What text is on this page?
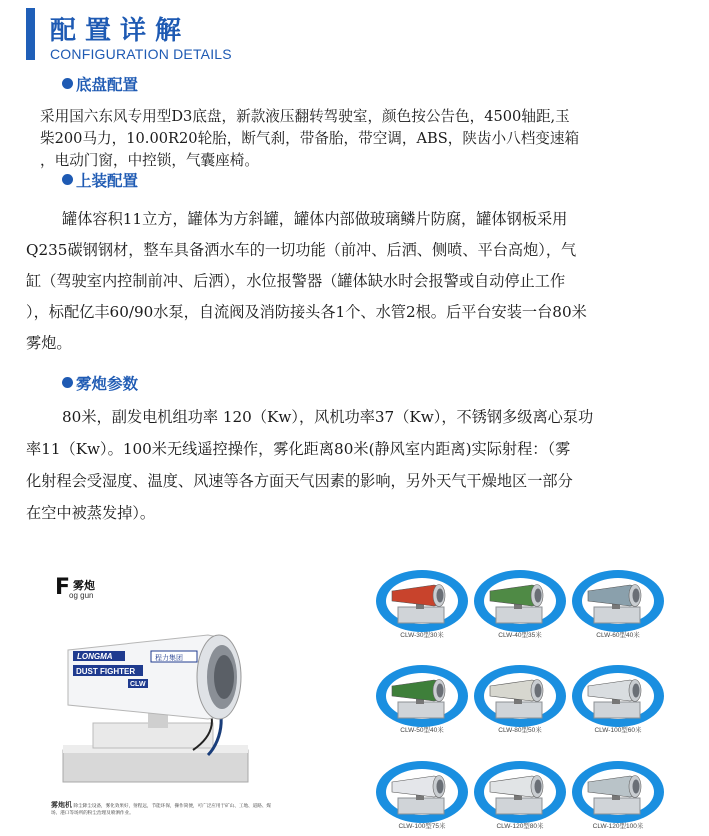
配置详解
CONFIGURATION DETAILS
底盘配置
采用国六东风专用型D3底盘，新款液压翻转驾驶室，颜色按公告色，4500轴距,玉
柴200马力，10.00R20轮胎，断气刹，带备胎，带空调，ABS，陕齿小八档变速箱
，电动门窗，中控锁，气囊座椅。
上装配置
罐体容积11立方，罐体为方斜罐，罐体内部做玻璃鳞片防腐，罐体钢板采用
Q235碳钢钢材，整车具备洒水车的一切功能（前冲、后洒、侧喷、平台高炮），气
缸（驾驶室内控制前冲、后洒），水位报警器（罐体缺水时会报警或自动停止工作
），标配亿丰60/90水泵，自流阀及消防接头各1个、水管2根。后平台安装一台80米
雾炮。
雾炮参数
80米，副发电机组功率 120（Kw），风机功率37（Kw），不锈钢多级离心泵功
率11（Kw）。100米无线遥控操作，雾化距离80米(静风室内距离)实际射程：（雾
化射程会受湿度、温度、风速等各方面天气因素的影响，另外天气干燥地区一部分
在空中被蒸发掉）。
F 雾炮
og gun
LONGMA
DUST FIGHTER
CLW
程力集团
雾炮机 除尘降尘设备，雾化效果好，射程远，节能环保，操作简便，可广泛应用于矿山、工地、道路、煤场、港口等场所的粉尘治理及喷洒作业。
CLW-30型30米	CLW-40型35米	CLW-60型40米
CLW-50型40米	CLW-80型50米	CLW-100型60米
CLW-100型75米	CLW-120型80米	CLW-120型100米
